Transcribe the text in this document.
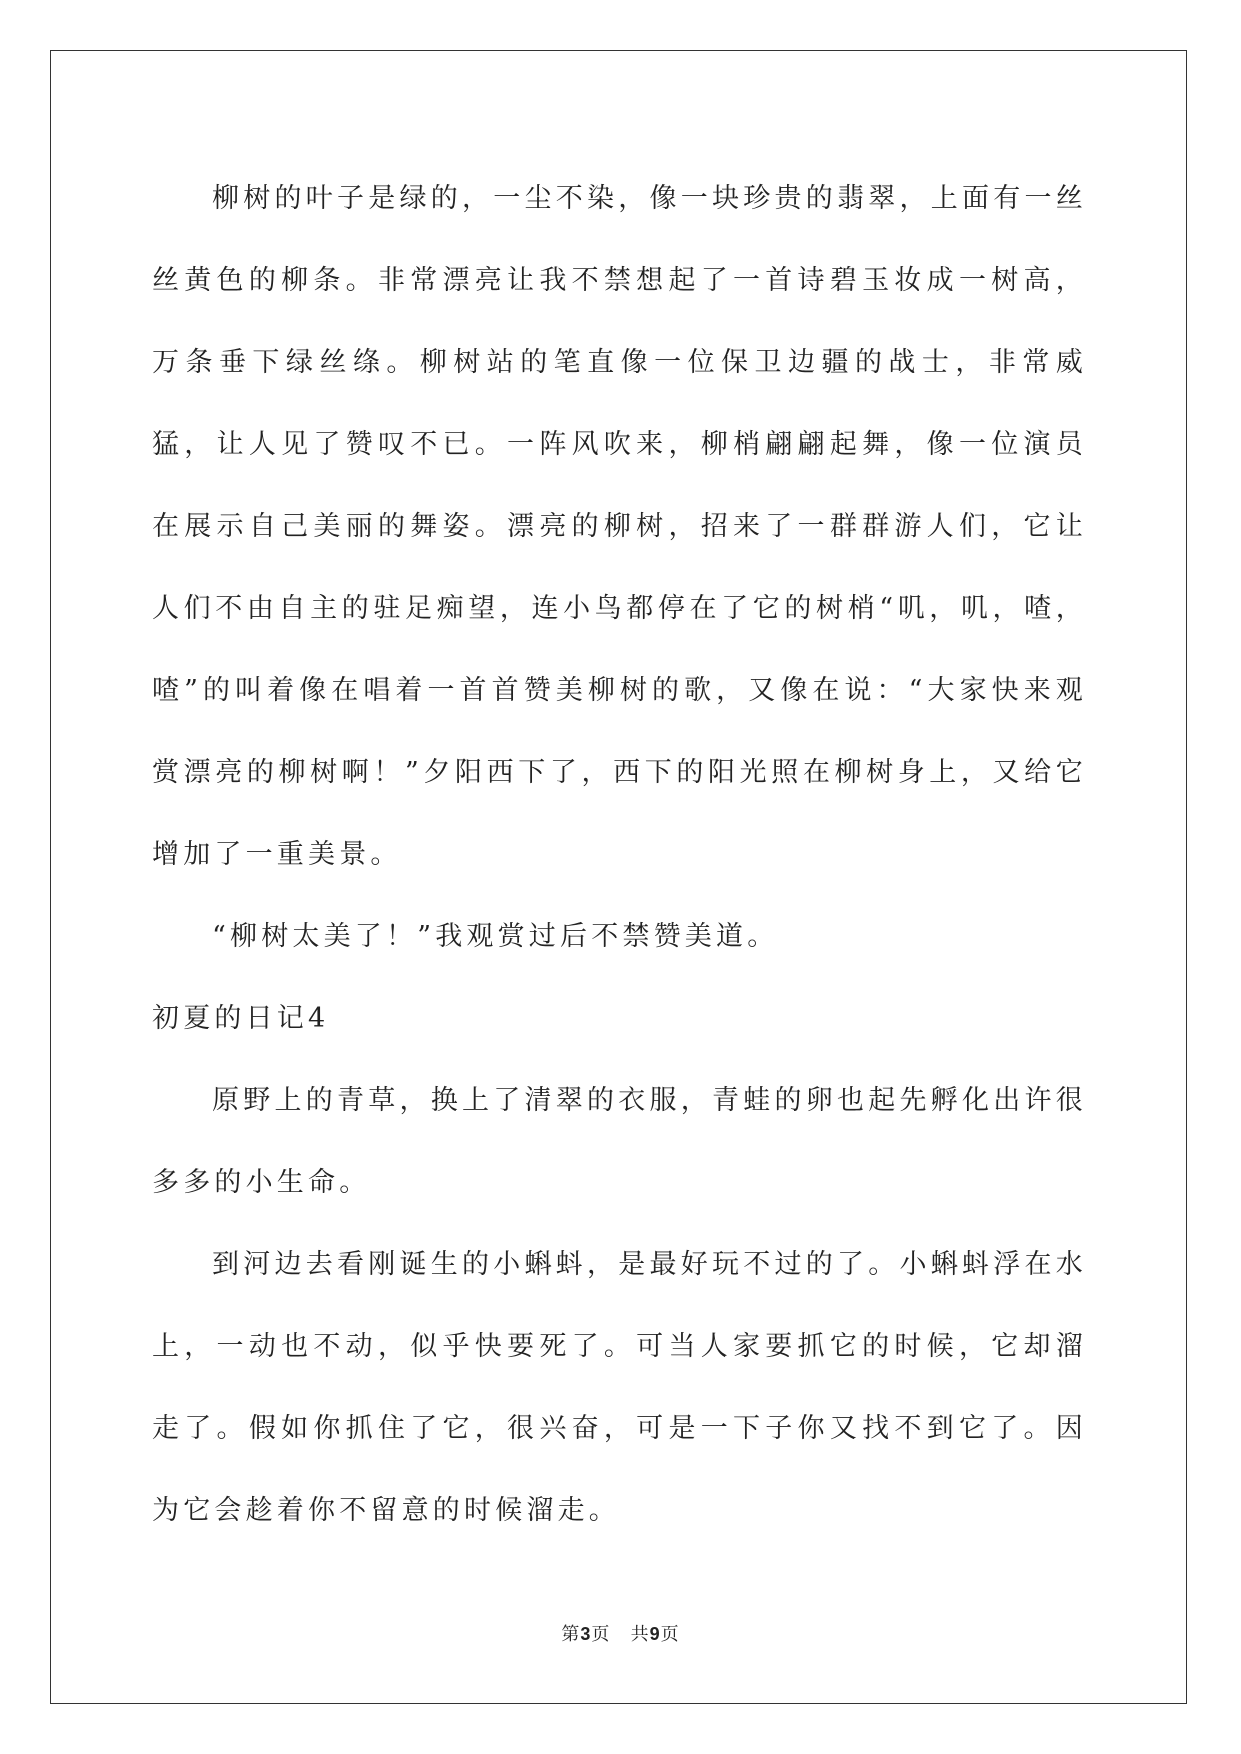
柳树的叶子是绿的，一尘不染，像一块珍贵的翡翠，上面有一丝丝黄色的柳条。非常漂亮让我不禁想起了一首诗碧玉妆成一树高，万条垂下绿丝绦。柳树站的笔直像一位保卫边疆的战士，非常威猛，让人见了赞叹不已。一阵风吹来，柳梢翩翩起舞，像一位演员在展示自己美丽的舞姿。漂亮的柳树，招来了一群群游人们，它让人们不由自主的驻足痴望，连小鸟都停在了它的树梢“叽，叽，喳，喳”的叫着像在唱着一首首赞美柳树的歌，又像在说：“大家快来观赏漂亮的柳树啊！”夕阳西下了，西下的阳光照在柳树身上，又给它增加了一重美景。

“柳树太美了！”我观赏过后不禁赞美道。

初夏的日记4

原野上的青草，换上了清翠的衣服，青蛙的卵也起先孵化出许很多多的小生命。

到河边去看刚诞生的小蝌蚪，是最好玩不过的了。小蝌蚪浮在水上，一动也不动，似乎快要死了。可当人家要抓它的时候，它却溜走了。假如你抓住了它，很兴奋，可是一下子你又找不到它了。因为它会趁着你不留意的时候溜走。

第3页 共9页
